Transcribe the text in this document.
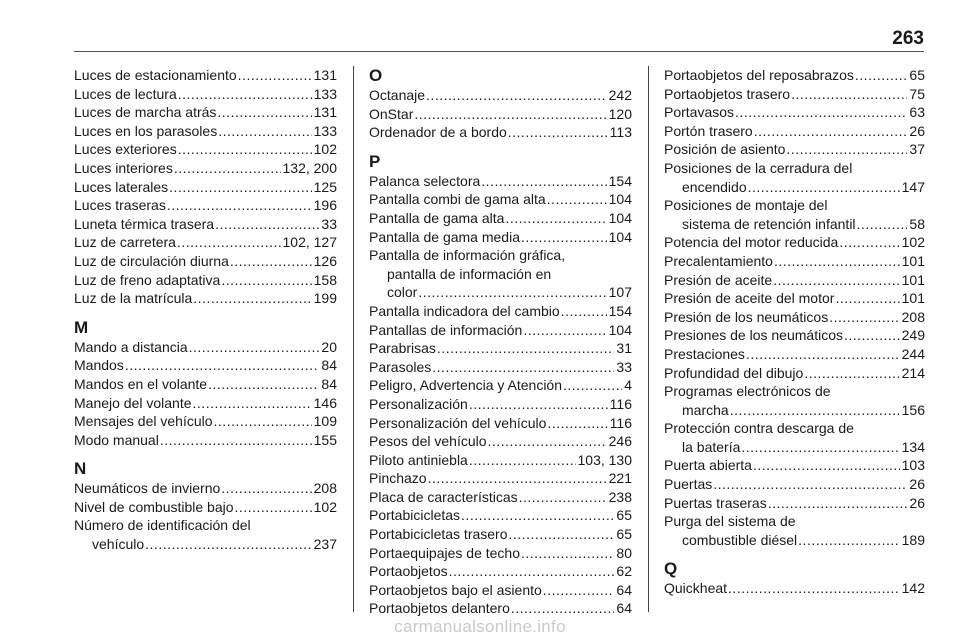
263
Luces de estacionamiento .....	131
Luces de lectura .....	133
Luces de marcha atrás .....	131
Luces en los parasoles .....	133
Luces exteriores .....	102
Luces interiores .....	132, 200
Luces laterales .....	125
Luces traseras .....	196
Luneta térmica trasera .....	33
Luz de carretera .....	102, 127
Luz de circulación diurna .....	126
Luz de freno adaptativa .....	158
Luz de la matrícula .....	199
M
Mando a distancia .....	20
Mandos .....	84
Mandos en el volante .....	84
Manejo del volante .....	146
Mensajes del vehículo .....	109
Modo manual .....	155
N
Neumáticos de invierno .....	208
Nivel de combustible bajo .....	102
Número de identificación del
vehículo .....	237
O
Octanaje .....	242
OnStar .....	120
Ordenador de a bordo .....	113
P
Palanca selectora .....	154
Pantalla combi de gama alta .....	104
Pantalla de gama alta .....	104
Pantalla de gama media .....	104
Pantalla de información gráfica,
pantalla de información en
color .....	107
Pantalla indicadora del cambio .....	154
Pantallas de información .....	104
Parabrisas .....	31
Parasoles .....	33
Peligro, Advertencia y Atención .....	4
Personalización .....	116
Personalización del vehículo .....	116
Pesos del vehículo .....	246
Piloto antiniebla .....	103, 130
Pinchazo .....	221
Placa de características .....	238
Portabicicletas .....	65
Portabicicletas trasero .....	65
Portaequipajes de techo .....	80
Portaobjetos .....	62
Portaobjetos bajo el asiento .....	64
Portaobjetos delantero .....	64
Portaobjetos del reposabrazos .....	65
Portaobjetos trasero .....	75
Portavasos .....	63
Portón trasero .....	26
Posición de asiento .....	37
Posiciones de la cerradura del
encendido .....	147
Posiciones de montaje del
sistema de retención infantil .....	58
Potencia del motor reducida .....	102
Precalentamiento .....	101
Presión de aceite .....	101
Presión de aceite del motor .....	101
Presión de los neumáticos .....	208
Presiones de los neumáticos .....	249
Prestaciones .....	244
Profundidad del dibujo .....	214
Programas electrónicos de
marcha .....	156
Protección contra descarga de
la batería .....	134
Puerta abierta .....	103
Puertas .....	26
Puertas traseras .....	26
Purga del sistema de
combustible diésel .....	189
Q
Quickheat .....	142
carmanualsonline.info
